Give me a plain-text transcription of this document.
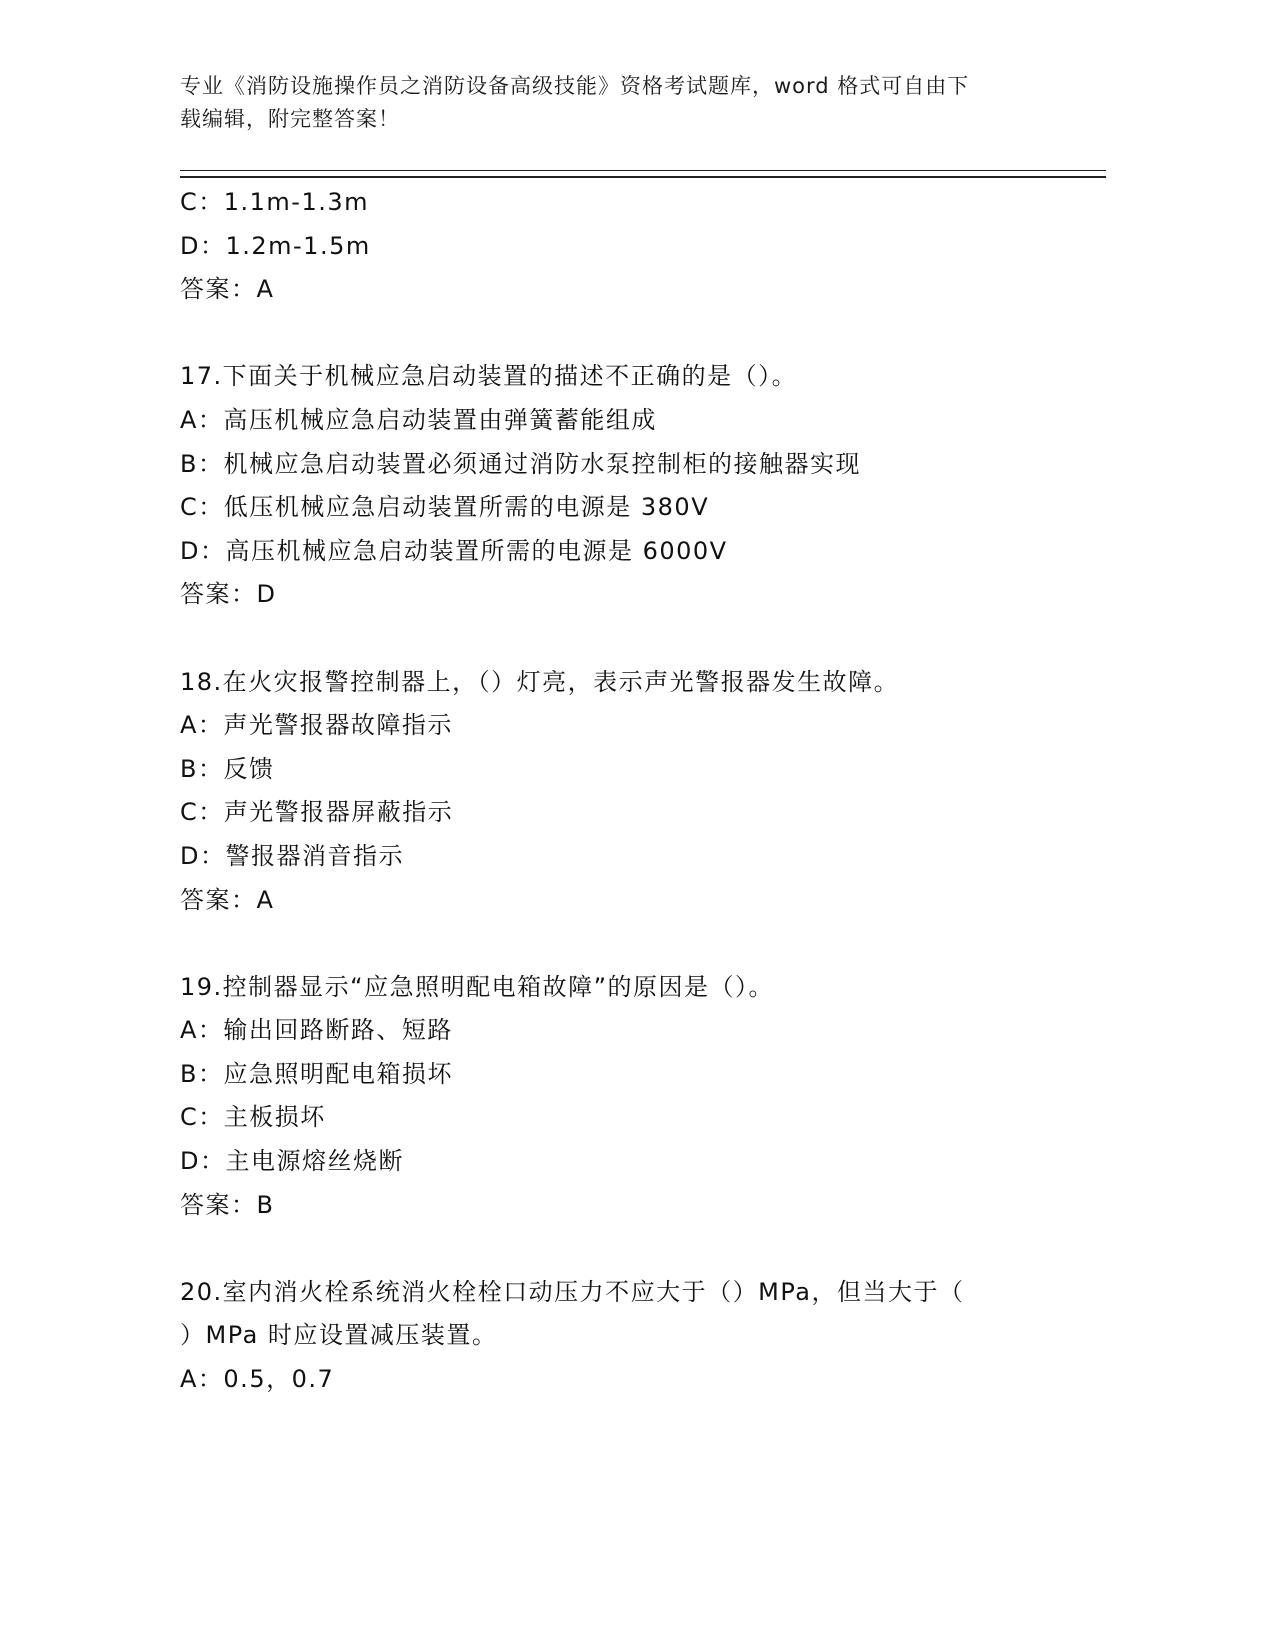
专业《消防设施操作员之消防设备高级技能》资格考试题库，word 格式可自由下
载编辑，附完整答案！
C：1.1m-1.3m
D：1.2m-1.5m
答案：A
17.下面关于机械应急启动装置的描述不正确的是（）。
A：高压机械应急启动装置由弹簧蓄能组成
B：机械应急启动装置必须通过消防水泵控制柜的接触器实现
C：低压机械应急启动装置所需的电源是 380V
D：高压机械应急启动装置所需的电源是 6000V
答案：D
18.在火灾报警控制器上，（）灯亮，表示声光警报器发生故障。
A：声光警报器故障指示
B：反馈
C：声光警报器屏蔽指示
D：警报器消音指示
答案：A
19.控制器显示“应急照明配电箱故障”的原因是（）。
A：输出回路断路、短路
B：应急照明配电箱损坏
C：主板损坏
D：主电源熔丝烧断
答案：B
20.室内消火栓系统消火栓栓口动压力不应大于（）MPa，但当大于（
）MPa 时应设置减压装置。
A：0.5，0.7
